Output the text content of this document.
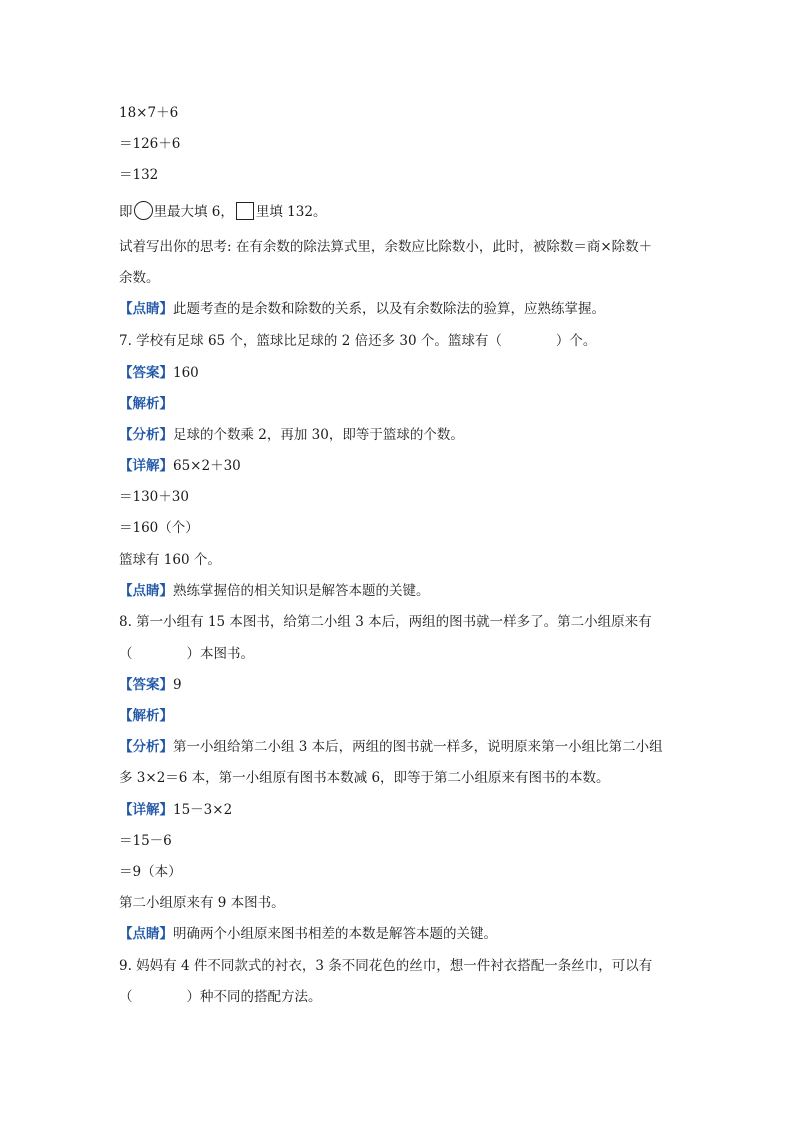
18×7＋6
＝126＋6
＝132
即 里最大填 6， 里填 132。
试着写出你的思考: 在有余数的除法算式里，余数应比除数小，此时，被除数＝商×除数＋
余数。
【点睛】此题考查的是余数和除数的关系，以及有余数除法的验算，应熟练掌握。
7. 学校有足球 65 个，篮球比足球的 2 倍还多 30 个。篮球有（　　　　）个。
【答案】160
【解析】
【分析】足球的个数乘 2，再加 30，即等于篮球的个数。
【详解】65×2＋30
＝130＋30
＝160（个）
篮球有 160 个。
【点睛】熟练掌握倍的相关知识是解答本题的关键。
8. 第一小组有 15 本图书，给第二小组 3 本后，两组的图书就一样多了。第二小组原来有
（　　　　）本图书。
【答案】9
【解析】
【分析】第一小组给第二小组 3 本后，两组的图书就一样多，说明原来第一小组比第二小组
多 3×2＝6 本，第一小组原有图书本数减 6，即等于第二小组原来有图书的本数。
【详解】15－3×2
＝15－6
＝9（本）
第二小组原来有 9 本图书。
【点睛】明确两个小组原来图书相差的本数是解答本题的关键。
9. 妈妈有 4 件不同款式的衬衣，3 条不同花色的丝巾，想一件衬衣搭配一条丝巾，可以有
（　　　　）种不同的搭配方法。
